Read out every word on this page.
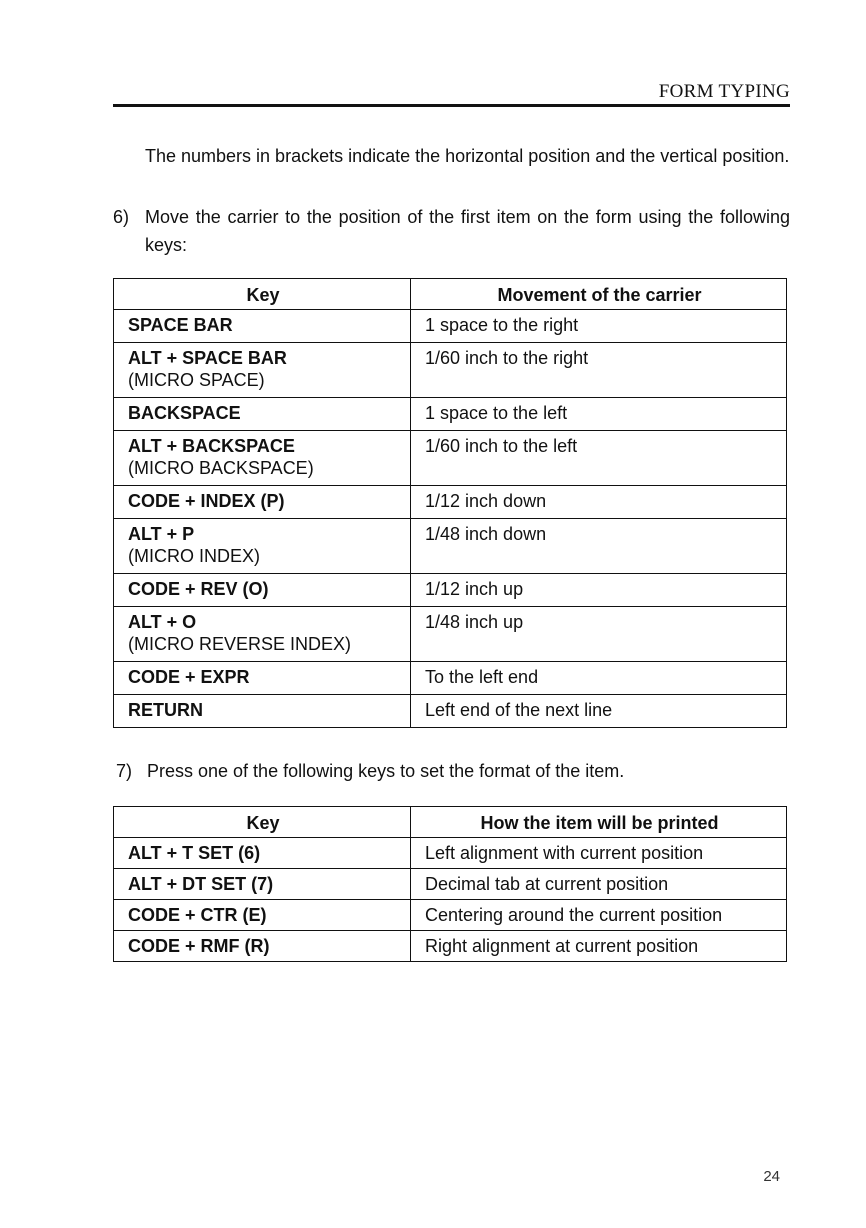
FORM TYPING
The numbers in brackets indicate the horizontal position and the vertical position.
6) Move the carrier to the position of the first item on the form using the following keys:
Key	Movement of the carrier
SPACE BAR	1 space to the right
ALT + SPACE BAR
(MICRO SPACE)	1/60 inch to the right
BACKSPACE	1 space to the left
ALT + BACKSPACE
(MICRO BACKSPACE)	1/60 inch to the left
CODE + INDEX (P)	1/12 inch down
ALT + P
(MICRO INDEX)	1/48 inch down
CODE + REV (O)	1/12 inch up
ALT + O
(MICRO REVERSE INDEX)	1/48 inch up
CODE + EXPR	To the left end
RETURN	Left end of the next line
7) Press one of the following keys to set the format of the item.
Key	How the item will be printed
ALT + T SET (6)	Left alignment with current position
ALT + DT SET (7)	Decimal tab at current position
CODE + CTR (E)	Centering around the current position
CODE + RMF (R)	Right alignment at current position
24
